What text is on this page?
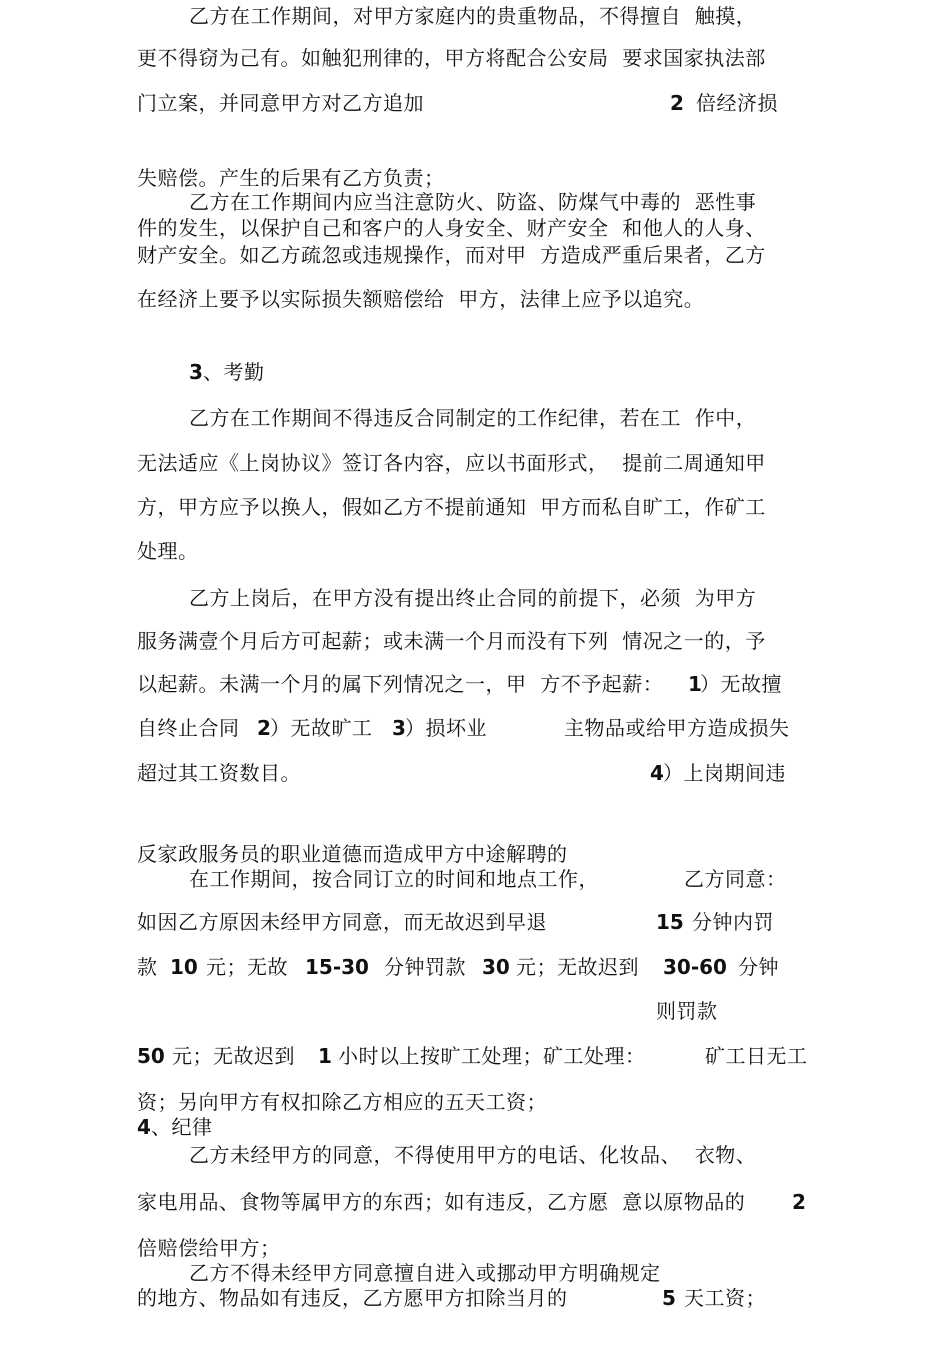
乙方在工作期间，对甲方家庭内的贵重物品，不得擅自  触摸，
更不得窃为己有。如触犯刑律的，甲方将配合公安局  要求国家执法部
门立案，并同意甲方对乙方追加	2 倍经济损
失赔偿。产生的后果有乙方负责；
乙方在工作期间内应当注意防火、防盗、防煤气中毒的  恶性事
件的发生，以保护自己和客户的人身安全、财产安全  和他人的人身、
财产安全。如乙方疏忽或违规操作，而对甲  方造成严重后果者，乙方
在经济上要予以实际损失额赔偿给  甲方，法律上应予以追究。
3 、考勤
乙方在工作期间不得违反合同制定的工作纪律，若在工  作中，
无法适应《上岗协议》签订各内容，应以书面形式，  提前二周通知甲
方，甲方应予以换人，假如乙方不提前通知  甲方而私自旷工，作矿工
处理。
乙方上岗后，在甲方没有提出终止合同的前提下，必须  为甲方
服务满壹个月后方可起薪；或未满一个月而没有下列  情况之一的，予
以起薪。未满一个月的属下列情况之一，甲  方不予起薪： 1
）无故擅
自终止合同 2 ）无故旷工 3 ）损坏业	主物品或给甲方造成损失
超过其工资数目。	4 ）上岗期间违
反家政服务员的职业道德而造成甲方中途解聘的
在工作期间，按合同订立的时间和地点工作，	乙方同意：
如因乙方原因未经甲方同意，而无故迟到早退	15 分钟内罚
款 10 元；无故 15-30 分钟罚款 30 元；无故迟到 30-60 分钟
则罚款
50 元；无故迟到 1 小时以上按旷工处理；矿工处理：	矿工日无工
资；另向甲方有权扣除乙方相应的五天工资；
4 、纪律
乙方未经甲方的同意，不得使用甲方的电话、化妆品、  衣物、
家电用品、食物等属甲方的东西；如有违反，乙方愿  意以原物品的 2
倍赔偿给甲方；
乙方不得未经甲方同意擅自进入或挪动甲方明确规定
的地方、物品如有违反，乙方愿甲方扣除当月的	5 天工资；
